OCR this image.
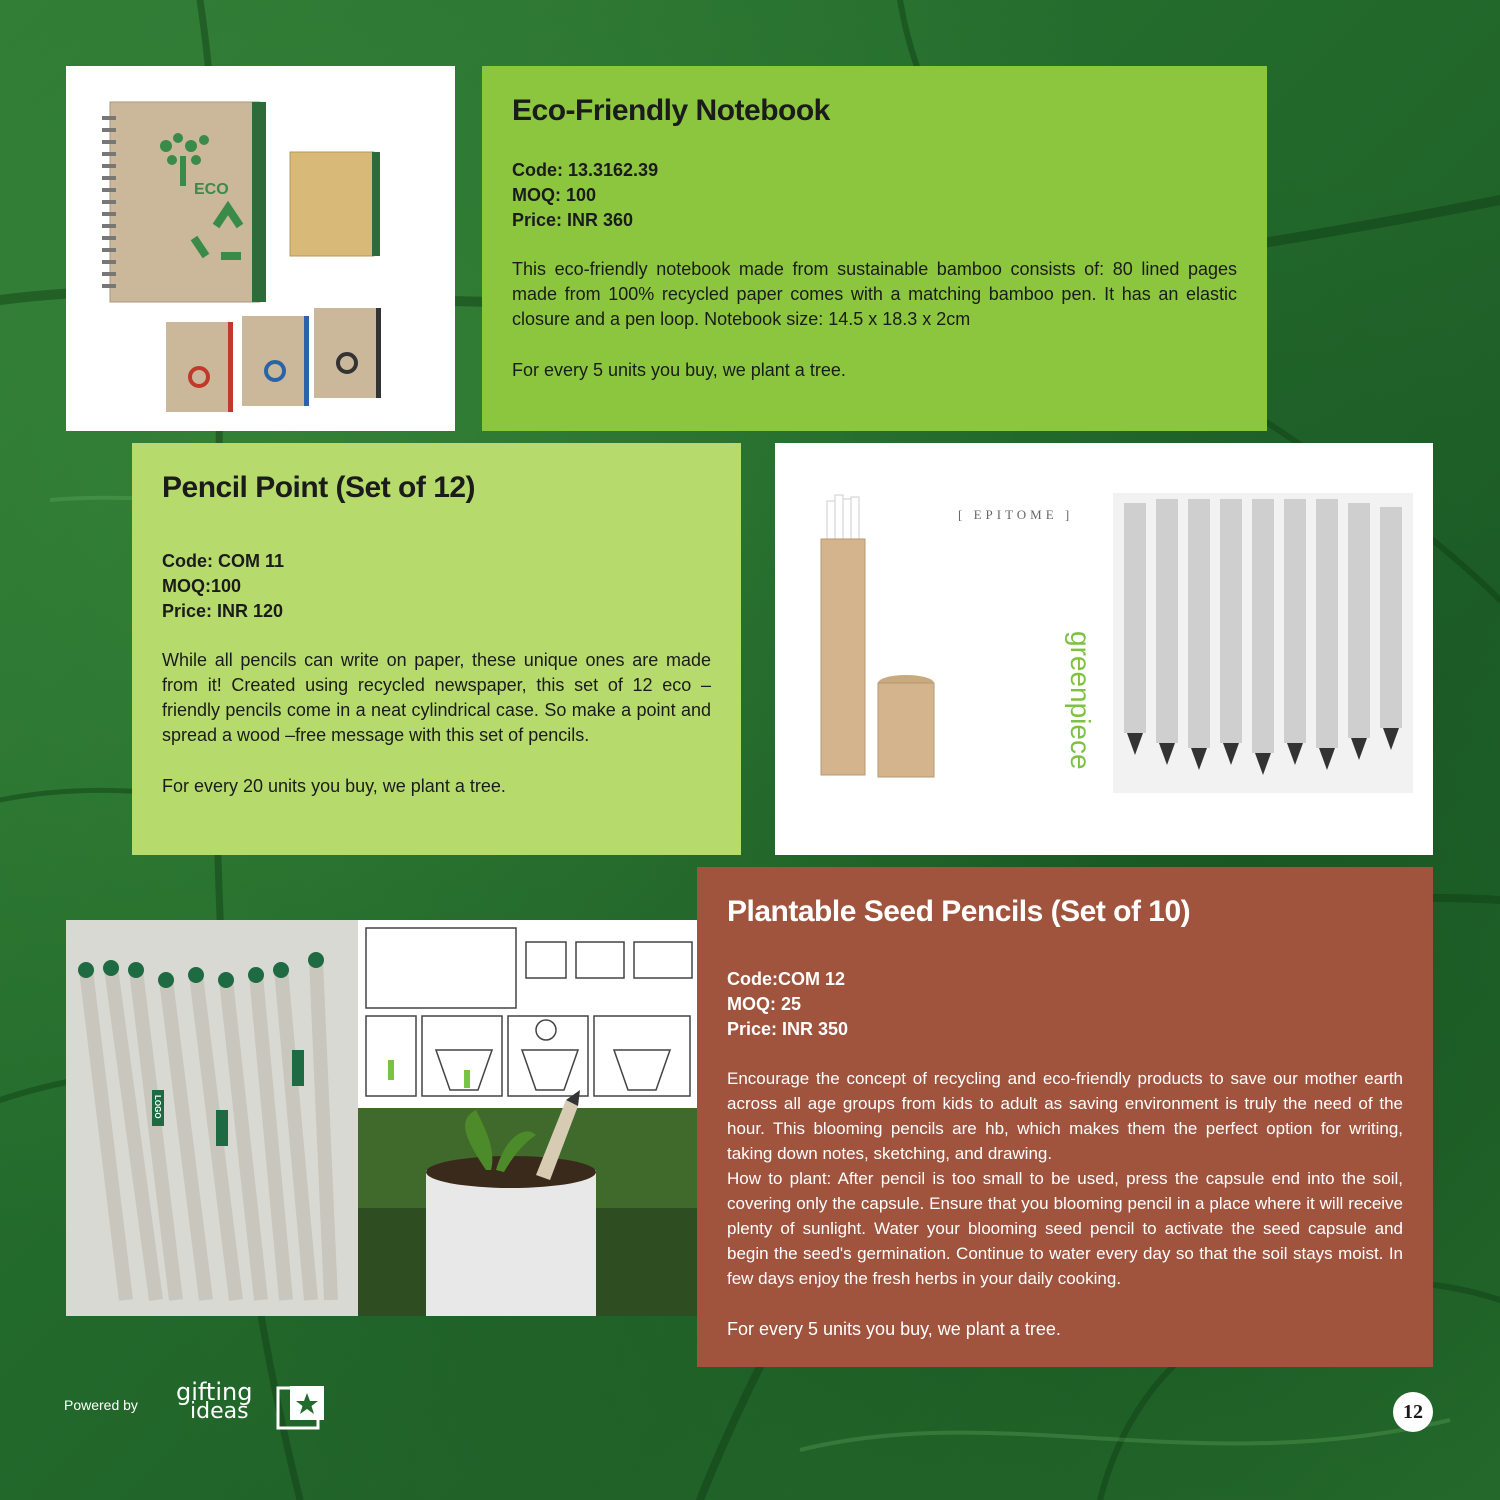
ECO
Eco-Friendly Notebook
Code: 13.3162.39
MOQ: 100
Price: INR 360
This eco-friendly notebook made from sustainable bamboo consists of: 80 lined pages made from 100% recycled paper comes with a matching bamboo pen. It has an elastic closure and a pen loop. Notebook size: 14.5 x 18.3 x 2cm
For every 5 units you buy, we plant a tree.
Pencil Point (Set of 12)
Code: COM 11
MOQ:100
Price: INR 120
While all pencils can write on paper, these unique ones are made from it! Created using recycled newspaper, this set of 12 eco –friendly pencils come in a neat cylindrical case. So make a point and spread a wood –free message with this set of pencils.
For every 20 units you buy, we plant a tree.
[ EPITOME ]
greenpiece
LOGO
Plantable Seed Pencils (Set of 10)
Code:COM 12
MOQ: 25
Price: INR 350
Encourage the concept of recycling and eco-friendly products to save our mother earth across all age groups from kids to adult as saving environment is truly the need of the hour. This blooming pencils are hb, which makes them the perfect option for writing, taking down notes, sketching, and drawing.
How to plant: After pencil is too small to be used, press the capsule end into the soil, covering only the capsule. Ensure that you blooming pencil in a place where it will receive plenty of sunlight. Water your blooming seed pencil to activate the seed capsule and begin the seed's germination. Continue to water every day so that the soil stays moist. In few days enjoy the fresh herbs in your daily cooking.
For every 5 units you buy, we plant a tree.
Powered by gifting
ideas	12
